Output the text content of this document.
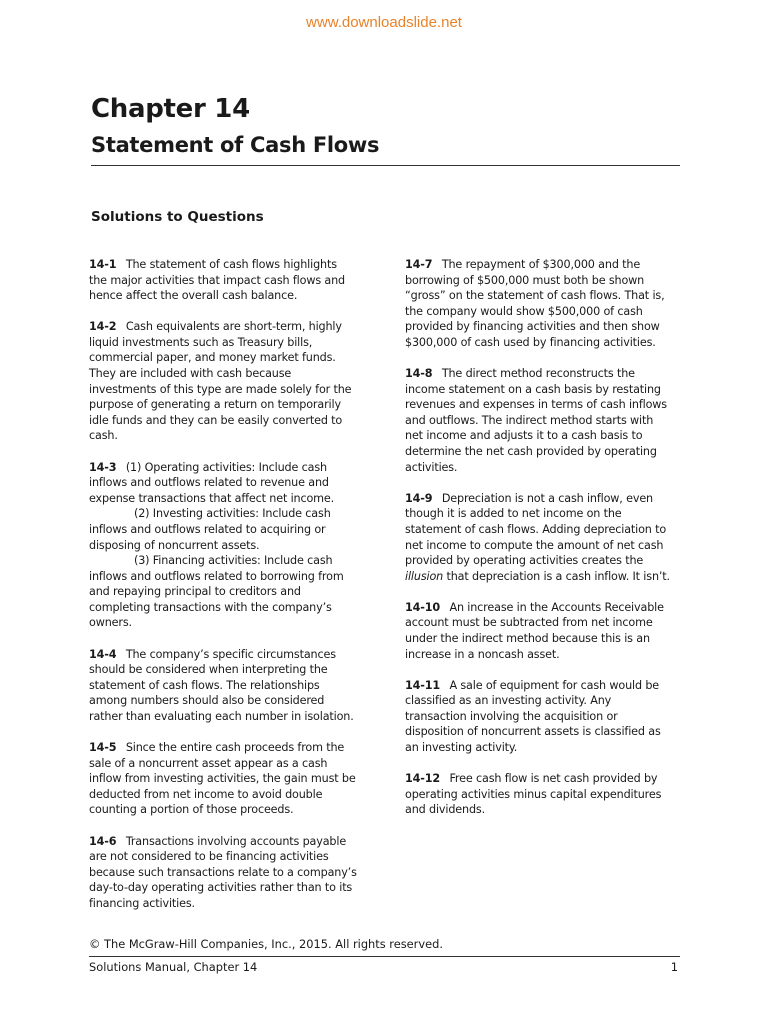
www.downloadslide.net
Chapter 14
Statement of Cash Flows
Solutions to Questions

14-1 The statement of cash flows highlights the major activities that impact cash flows and hence affect the overall cash balance.

14-2 Cash equivalents are short-term, highly liquid investments such as Treasury bills, commercial paper, and money market funds. They are included with cash because investments of this type are made solely for the purpose of generating a return on temporarily idle funds and they can be easily converted to cash.

14-3 (1) Operating activities: Include cash inflows and outflows related to revenue and expense transactions that affect net income.
(2) Investing activities: Include cash inflows and outflows related to acquiring or disposing of noncurrent assets.
(3) Financing activities: Include cash inflows and outflows related to borrowing from and repaying principal to creditors and completing transactions with the company’s owners.

14-4 The company’s specific circumstances should be considered when interpreting the statement of cash flows. The relationships among numbers should also be considered rather than evaluating each number in isolation.

14-5 Since the entire cash proceeds from the sale of a noncurrent asset appear as a cash inflow from investing activities, the gain must be deducted from net income to avoid double counting a portion of those proceeds.

14-6 Transactions involving accounts payable are not considered to be financing activities because such transactions relate to a company’s day-to-day operating activities rather than to its financing activities.

14-7 The repayment of $300,000 and the borrowing of $500,000 must both be shown “gross” on the statement of cash flows. That is, the company would show $500,000 of cash provided by financing activities and then show $300,000 of cash used by financing activities.

14-8 The direct method reconstructs the income statement on a cash basis by restating revenues and expenses in terms of cash inflows and outflows. The indirect method starts with net income and adjusts it to a cash basis to determine the net cash provided by operating activities.

14-9 Depreciation is not a cash inflow, even though it is added to net income on the statement of cash flows. Adding depreciation to net income to compute the amount of net cash provided by operating activities creates the illusion that depreciation is a cash inflow. It isn’t.

14-10 An increase in the Accounts Receivable account must be subtracted from net income under the indirect method because this is an increase in a noncash asset.

14-11 A sale of equipment for cash would be classified as an investing activity. Any transaction involving the acquisition or disposition of noncurrent assets is classified as an investing activity.

14-12 Free cash flow is net cash provided by operating activities minus capital expenditures and dividends.

© The McGraw-Hill Companies, Inc., 2015. All rights reserved.
Solutions Manual, Chapter 14	1
